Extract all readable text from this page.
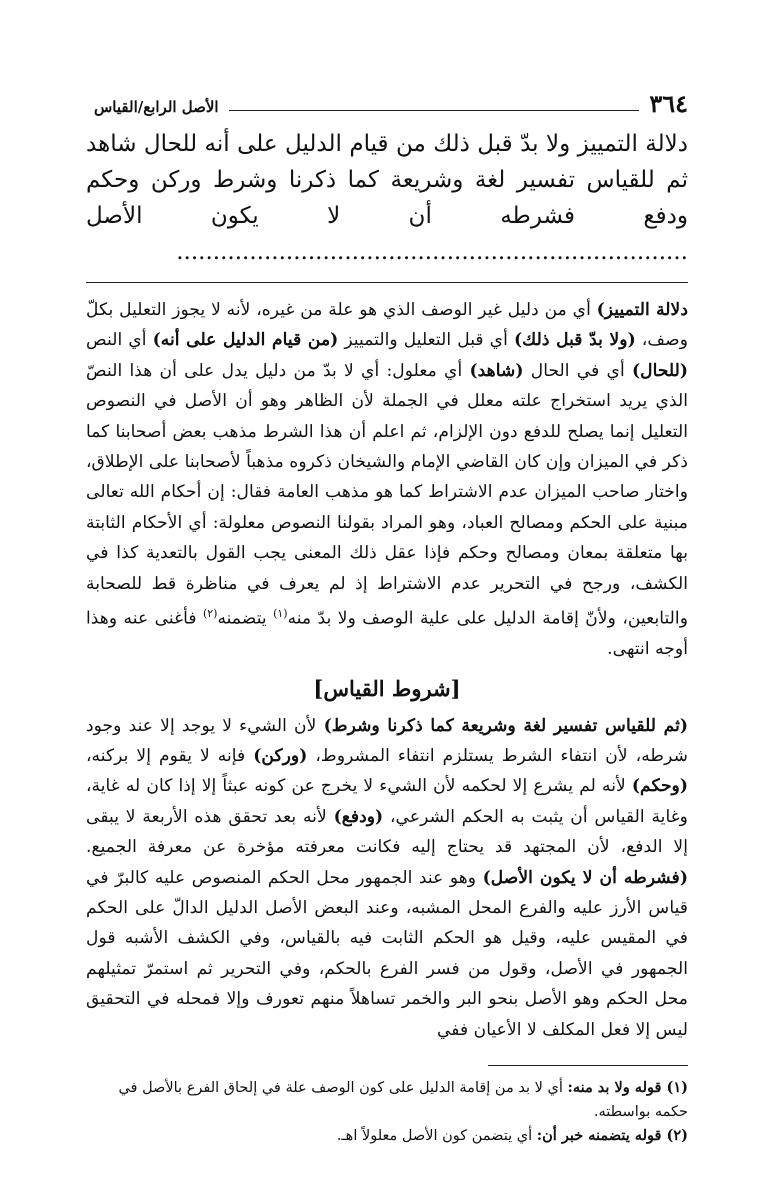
٣٦٤
الأصل الرابع/القياس
دلالة التمييز ولا بدّ قبل ذلك من قيام الدليل على أنه للحال شاهد ثم للقياس تفسير لغة وشريعة كما ذكرنا وشرط وركن وحكم ودفع فشرطه أن لا يكون الأصل ......................................................................

دلالة التمييز) أي من دليل غير الوصف الذي هو علة من غيره، لأنه لا يجوز التعليل بكلّ وصف، (ولا بدّ قبل ذلك) أي قبل التعليل والتمييز (من قيام الدليل على أنه) أي النص (للحال) أي في الحال (شاهد) أي معلول: أي لا بدّ من دليل يدل على أن هذا النصّ الذي يريد استخراج علته معلل في الجملة لأن الظاهر وهو أن الأصل في النصوص التعليل إنما يصلح للدفع دون الإلزام، ثم اعلم أن هذا الشرط مذهب بعض أصحابنا كما ذكر في الميزان وإن كان القاضي الإمام والشيخان ذكروه مذهباً لأصحابنا على الإطلاق، واختار صاحب الميزان عدم الاشتراط كما هو مذهب العامة فقال: إن أحكام الله تعالى مبنية على الحكم ومصالح العباد، وهو المراد بقولنا النصوص معلولة: أي الأحكام الثابتة بها متعلقة بمعان ومصالح وحكم فإذا عقل ذلك المعنى يجب القول بالتعدية كذا في الكشف، ورجح في التحرير عدم الاشتراط إذ لم يعرف في مناظرة قط للصحابة والتابعين، ولأنّ إقامة الدليل على علية الوصف ولا بدّ منه$^{(١)}$ يتضمنه$^{(٢)}$ فأغنى عنه وهذا أوجه انتهى.

[شروط القياس]

(ثم للقياس تفسير لغة وشريعة كما ذكرنا وشرط) لأن الشيء لا يوجد إلا عند وجود شرطه، لأن انتفاء الشرط يستلزم انتفاء المشروط، (وركن) فإنه لا يقوم إلا بركنه، (وحكم) لأنه لم يشرع إلا لحكمه لأن الشيء لا يخرج عن كونه عبثاً إلا إذا كان له غاية، وغاية القياس أن يثبت به الحكم الشرعي، (ودفع) لأنه بعد تحقق هذه الأربعة لا يبقى إلا الدفع، لأن المجتهد قد يحتاج إليه فكانت معرفته مؤخرة عن معرفة الجميع. (فشرطه أن لا يكون الأصل) وهو عند الجمهور محل الحكم المنصوص عليه كالبرّ في قياس الأرز عليه والفرع المحل المشبه، وعند البعض الأصل الدليل الدالّ على الحكم في المقيس عليه، وقيل هو الحكم الثابت فيه بالقياس، وفي الكشف الأشبه قول الجمهور في الأصل، وقول من فسر الفرع بالحكم، وفي التحرير ثم استمرّ تمثيلهم محل الحكم وهو الأصل بنحو البر والخمر تساهلاً منهم تعورف وإلا فمحله في التحقيق ليس إلا فعل المكلف لا الأعيان ففي

(١) قوله ولا بد منه: أي لا بد من إقامة الدليل على كون الوصف علة في إلحاق الفرع بالأصل في حكمه بواسطته.

(٢) قوله يتضمنه خبر أن: أي يتضمن كون الأصل معلولاً اهـ.
